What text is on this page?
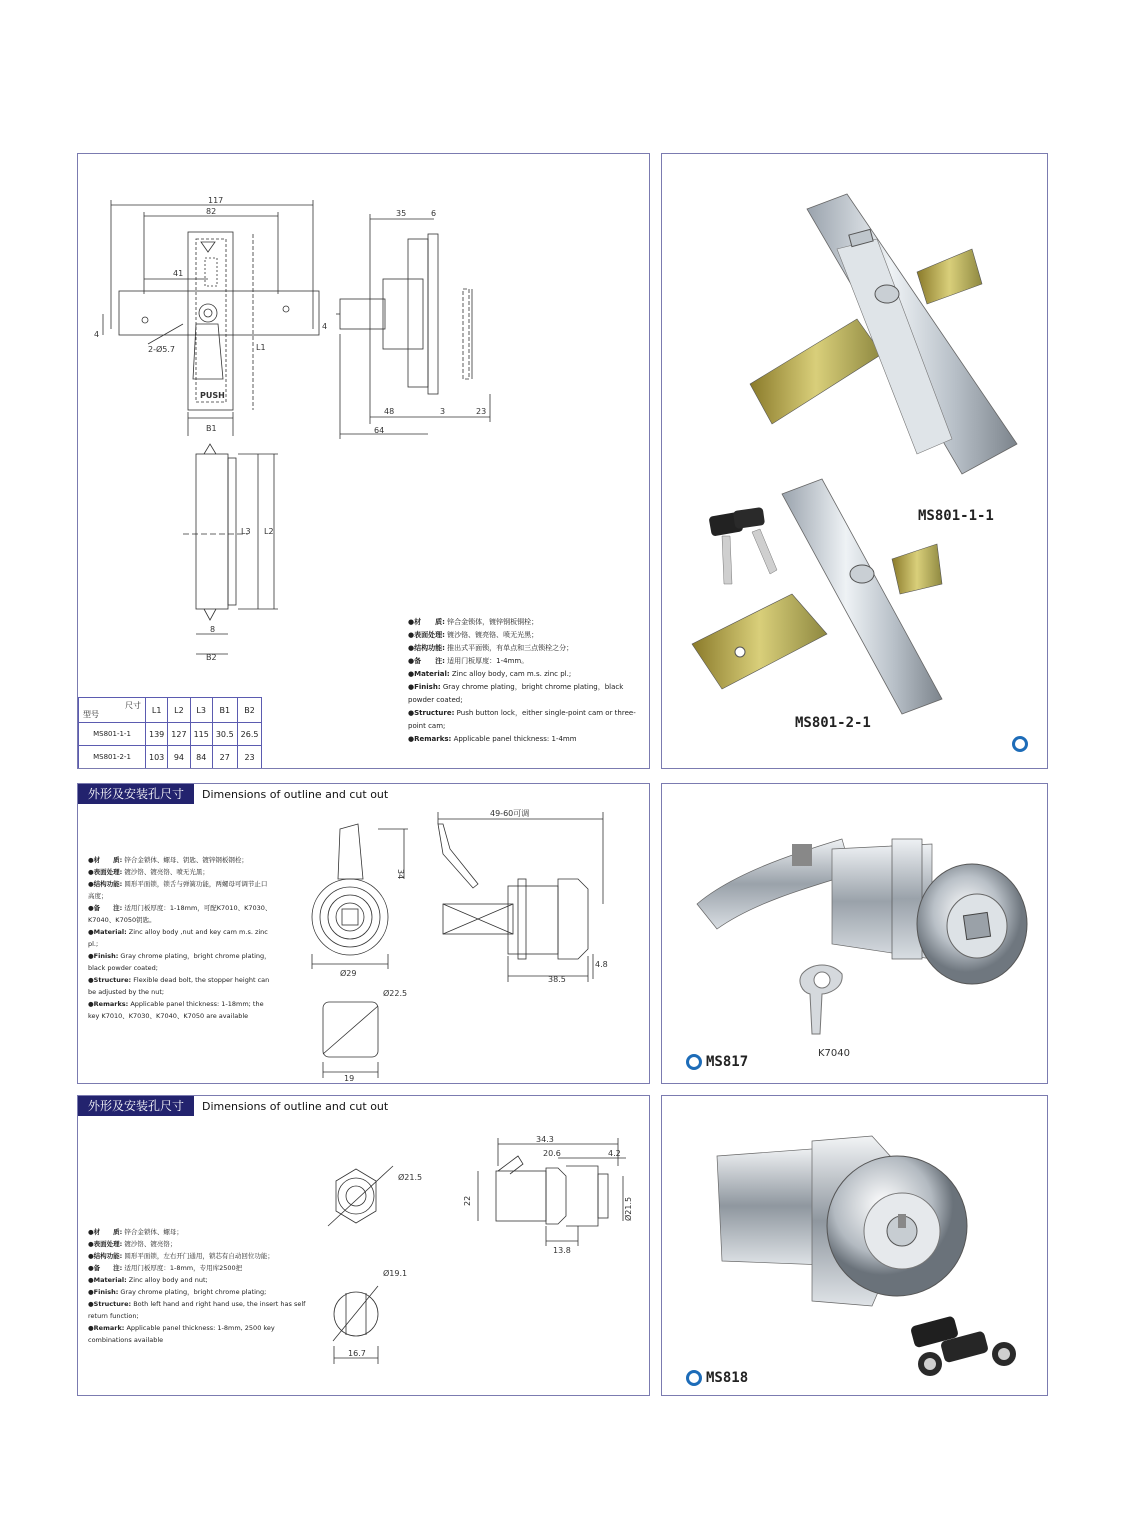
117
82
41
4
2-Ø5.7	L1
PUSH
B1
35	6
4
48	3	23
64
L3 L2
8
B2
尺寸
型号	L1	L2	L3	B1	B2
MS801-1-1	139	127	115	30.5	26.5
MS801-2-1	103	94	84	27	23
●材　　质: 锌合金锁体，镀锌钢板铜栓；
●表面处理: 镀沙铬、镀亮铬、喷无光黑；
●结构功能: 推出式平面锁，有单点和三点锁栓之分；
●备　　注: 适用门板厚度：1-4mm。
●Material: Zinc alloy body, cam m.s. zinc pl.;
●Finish: Gray chrome plating，bright chrome plating，black powder coated;
●Structure: Push button lock，either single-point cam or three-point cam;
●Remarks: Applicable panel thickness: 1-4mm
MS801-1-1
MS801-2-1
外形及安装孔尺寸	Dimensions of outline and cut out
49-60可调
34
Ø29
38.5
4.8
Ø22.5
19
●材　　质: 锌合金锁体、螺母、钥匙、镀锌钢板钢栓；
●表面处理: 镀沙铬、镀亮铬、喷无光黑；
●结构功能: 圆形平面锁，锁舌与弹簧功能，两螺母可调节止口高度；
●备　　注: 适用门板厚度：1-18mm，可配K7010、K7030、K7040、K7050钥匙。
●Material: Zinc alloy body ,nut and key cam m.s. zinc pl.;
●Finish: Gray chrome plating，bright chrome plating，black powder coated;
●Structure: Flexible dead bolt, the stopper height can be adjusted by the nut;
●Remarks: Applicable panel thickness: 1-18mm; the key K7010、K7030、K7040、K7050 are available
MS817
K7040
外形及安装孔尺寸	Dimensions of outline and cut out
Ø21.5
34.3
20.6	4.2
22	Ø21.5
13.8
Ø19.1
16.7
●材　　质: 锌合金锁体、螺母；
●表面处理: 镀沙铬、镀亮铬；
●结构功能: 圆形平面锁，左右开门通用，锁芯有自动回位功能；
●备　　注: 适用门板厚度：1-8mm，专用库2500把
●Material: Zinc alloy body and nut;
●Finish: Gray chrome plating，bright chrome plating;
●Structure: Both left hand and right hand use, the insert has self return function;
●Remark: Applicable panel thickness: 1-8mm, 2500 key combinations available
MS818
